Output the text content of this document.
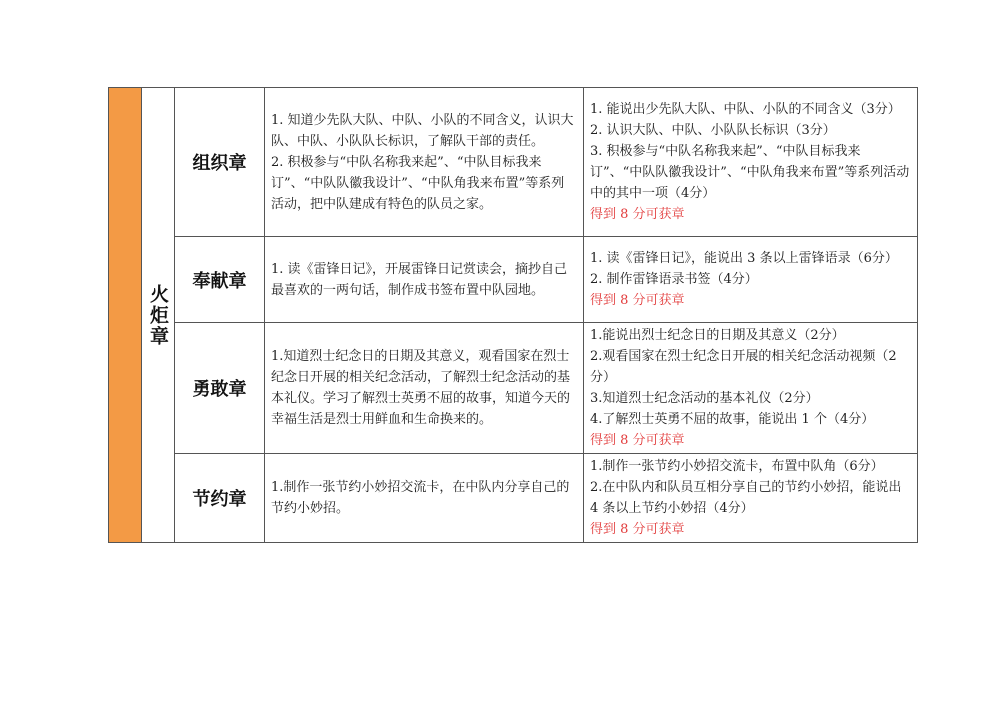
	火炬章	组织章	1. 知道少先队大队、中队、小队的不同含义，认识大队、中队、小队队长标识，了解队干部的责任。
2. 积极参与“中队名称我来起”、“中队目标我来订”、“中队队徽我设计”、“中队角我来布置”等系列活动，把中队建成有特色的队员之家。	1. 能说出少先队大队、中队、小队的不同含义（3分）
2. 认识大队、中队、小队队长标识（3分）
3. 积极参与“中队名称我来起”、“中队目标我来订”、“中队队徽我设计”、“中队角我来布置”等系列活动中的其中一项（4分）
得到 8 分可获章

		奉献章	1. 读《雷锋日记》，开展雷锋日记赏读会，摘抄自己最喜欢的一两句话，制作成书签布置中队园地。	1. 读《雷锋日记》，能说出 3 条以上雷锋语录（6分）
2. 制作雷锋语录书签（4分）
得到 8 分可获章

		勇敢章	1.知道烈士纪念日的日期及其意义，观看国家在烈士纪念日开展的相关纪念活动，了解烈士纪念活动的基本礼仪。学习了解烈士英勇不屈的故事，知道今天的幸福生活是烈士用鲜血和生命换来的。	1.能说出烈士纪念日的日期及其意义（2分）
2.观看国家在烈士纪念日开展的相关纪念活动视频（2分）
3.知道烈士纪念活动的基本礼仪（2分）
4.了解烈士英勇不屈的故事，能说出 1 个（4分）
得到 8 分可获章

		节约章	1.制作一张节约小妙招交流卡，在中队内分享自己的节约小妙招。	1.制作一张节约小妙招交流卡，布置中队角（6分）
2.在中队内和队员互相分享自己的节约小妙招，能说出 4 条以上节约小妙招（4分）
得到 8 分可获章
